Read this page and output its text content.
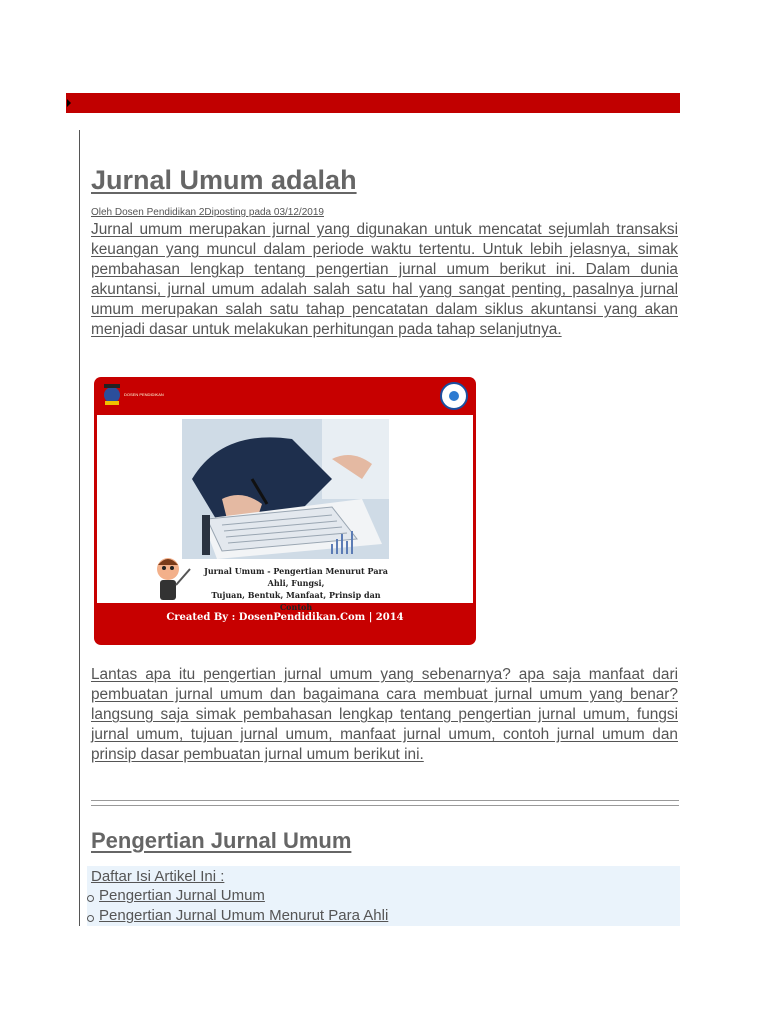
Jurnal Umum adalah
Oleh Dosen Pendidikan 2Diposting pada 03/12/2019

Jurnal umum merupakan jurnal yang digunakan untuk mencatat sejumlah transaksi keuangan yang muncul dalam periode waktu tertentu. Untuk lebih jelasnya, simak pembahasan lengkap tentang pengertian jurnal umum berikut ini. Dalam dunia akuntansi, jurnal umum adalah salah satu hal yang sangat penting, pasalnya jurnal umum merupakan salah satu tahap pencatatan dalam siklus akuntansi yang akan menjadi dasar untuk melakukan perhitungan pada tahap selanjutnya.

DOSEN PENDIDIKAN
Jurnal Umum - Pengertian Menurut Para Ahli, Fungsi,
Tujuan, Bentuk, Manfaat, Prinsip dan Contoh
Created By : DosenPendidikan.Com | 2014

Lantas apa itu pengertian jurnal umum yang sebenarnya? apa saja manfaat dari pembuatan jurnal umum dan bagaimana cara membuat jurnal umum yang benar? langsung saja simak pembahasan lengkap tentang pengertian jurnal umum, fungsi jurnal umum, tujuan jurnal umum, manfaat jurnal umum, contoh jurnal umum dan prinsip dasar pembuatan jurnal umum berikut ini.

Pengertian Jurnal Umum
Daftar Isi Artikel Ini :
Pengertian Jurnal Umum
Pengertian Jurnal Umum Menurut Para Ahli
